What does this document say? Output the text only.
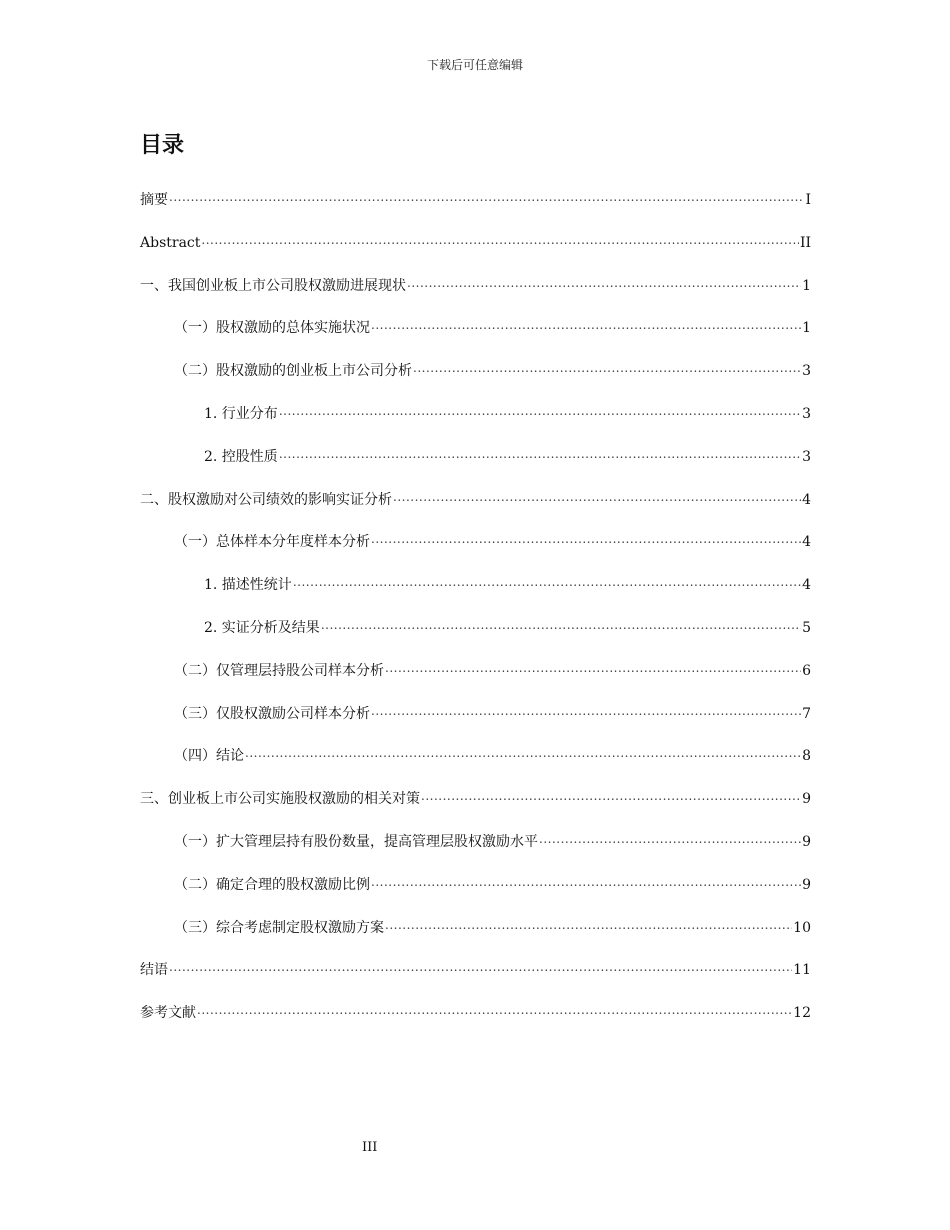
下载后可任意编辑
目录
摘要 .....	I
Abstract .....	II
一、我国创业板上市公司股权激励进展现状 .....	1
（一）股权激励的总体实施状况 .....	1
（二）股权激励的创业板上市公司分析 .....	3
1. 行业分布 .....	3
2. 控股性质 .....	3
二、股权激励对公司绩效的影响实证分析 .....	4
（一）总体样本分年度样本分析 .....	4
1. 描述性统计 .....	4
2. 实证分析及结果 .....	5
（二）仅管理层持股公司样本分析 .....	6
（三）仅股权激励公司样本分析 .....	7
（四）结论 .....	8
三、创业板上市公司实施股权激励的相关对策 .....	9
（一）扩大管理层持有股份数量，提高管理层股权激励水平 .....	9
（二）确定合理的股权激励比例 .....	9
（三）综合考虑制定股权激励方案 .....	10
结语 .....	11
参考文献 .....	12
III
